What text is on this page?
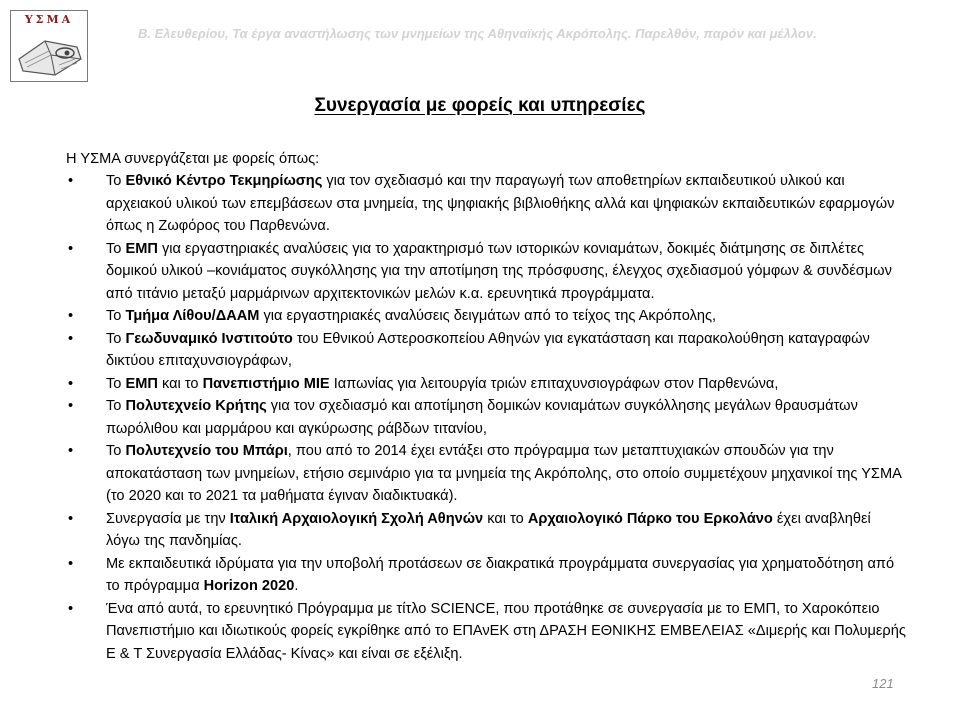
ΥΣΜΑ
Β. Ελευθερίου, Τα έργα αναστήλωσης των μνημείων της Αθηναϊκής Ακρόπολης. Παρελθόν, παρόν και μέλλον.
Συνεργασία με φορείς και υπηρεσίες
Η ΥΣΜΑ συνεργάζεται με φορείς όπως:
• Το Εθνικό Κέντρο Τεκμηρίωσης για τον σχεδιασμό και την παραγωγή των αποθετηρίων εκπαιδευτικού υλικού και αρχειακού υλικού των επεμβάσεων στα μνημεία, της ψηφιακής βιβλιοθήκης αλλά και ψηφιακών εκπαιδευτικών εφαρμογών όπως η Ζωφόρος του Παρθενώνα.
• Το ΕΜΠ για εργαστηριακές αναλύσεις για το χαρακτηρισμό των ιστορικών κονιαμάτων, δοκιμές διάτμησης σε διπλέτες δομικού υλικού –κονιάματος συγκόλλησης για την αποτίμηση της πρόσφυσης, έλεγχος σχεδιασμού γόμφων & συνδέσμων από τιτάνιο μεταξύ μαρμάρινων αρχιτεκτονικών μελών κ.α. ερευνητικά προγράμματα.
• Το Τμήμα Λίθου/ΔΑΑΜ για εργαστηριακές αναλύσεις δειγμάτων από το τείχος της Ακρόπολης,
• Το Γεωδυναμικό Ινστιτούτο του Εθνικού Αστεροσκοπείου Αθηνών για εγκατάσταση και παρακολούθηση καταγραφών δικτύου επιταχυνσιογράφων,
• Το ΕΜΠ και το Πανεπιστήμιο ΜΙΕ Ιαπωνίας για λειτουργία τριών επιταχυνσιογράφων στον Παρθενώνα,
• Το Πολυτεχνείο Κρήτης για τον σχεδιασμό και αποτίμηση δομικών κονιαμάτων συγκόλλησης μεγάλων θραυσμάτων πωρόλιθου και μαρμάρου και αγκύρωσης ράβδων τιτανίου,
• Το Πολυτεχνείο του Μπάρι, που από το 2014 έχει εντάξει στο πρόγραμμα των μεταπτυχιακών σπουδών για την αποκατάσταση των μνημείων, ετήσιο σεμινάριο για τα μνημεία της Ακρόπολης, στο οποίο συμμετέχουν μηχανικοί της ΥΣΜΑ (το 2020 και το 2021 τα μαθήματα έγιναν διαδικτυακά).
• Συνεργασία με την Ιταλική Αρχαιολογική Σχολή Αθηνών και το Αρχαιολογικό Πάρκο του Ερκολάνο έχει αναβληθεί λόγω της πανδημίας.
• Με εκπαιδευτικά ιδρύματα για την υποβολή προτάσεων σε διακρατικά προγράμματα συνεργασίας για χρηματοδότηση από το πρόγραμμα Horizon 2020.
• Ένα από αυτά, το ερευνητικό Πρόγραμμα με τίτλο SCIENCE, που προτάθηκε σε συνεργασία με το ΕΜΠ, το Χαροκόπειο Πανεπιστήμιο και ιδιωτικούς φορείς εγκρίθηκε από το ΕΠΑνΕΚ στη ΔΡΑΣΗ ΕΘΝΙΚΗΣ ΕΜΒΕΛΕΙΑΣ «Διμερής και Πολυμερής Ε & Τ Συνεργασία Ελλάδας- Κίνας» και είναι σε εξέλιξη.
121
